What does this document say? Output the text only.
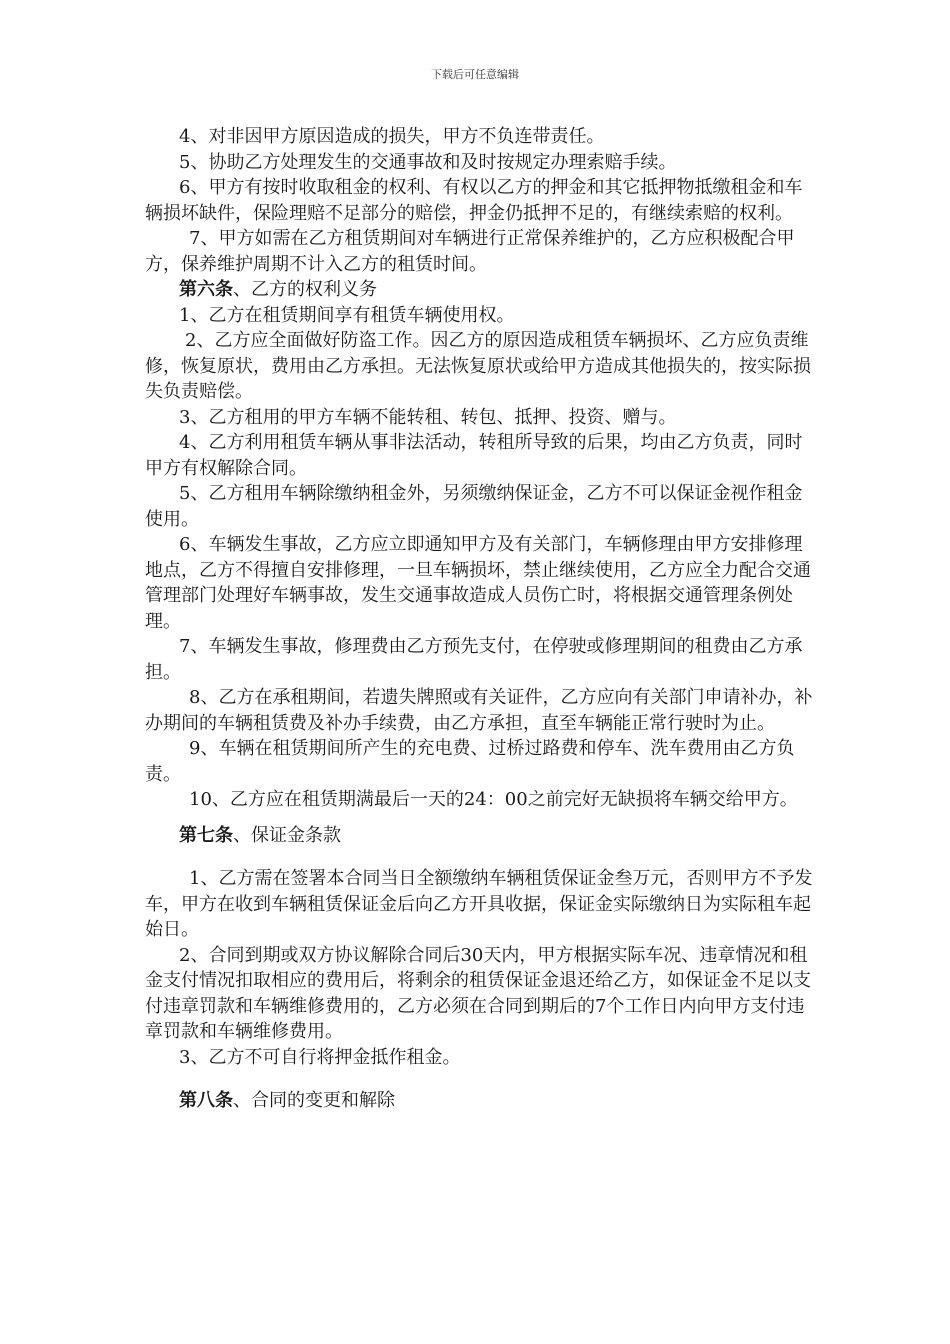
下载后可任意编辑

4、对非因甲方原因造成的损失，甲方不负连带责任。

5、协助乙方处理发生的交通事故和及时按规定办理索赔手续。

6、甲方有按时收取租金的权利、有权以乙方的押金和其它抵押物抵缴租金和车辆损坏缺件，保险理赔不足部分的赔偿，押金仍抵押不足的，有继续索赔的权利。

7、甲方如需在乙方租赁期间对车辆进行正常保养维护的，乙方应积极配合甲方，保养维护周期不计入乙方的租赁时间。

第六条、乙方的权利义务

1、乙方在租赁期间享有租赁车辆使用权。

2、乙方应全面做好防盗工作。因乙方的原因造成租赁车辆损坏、乙方应负责维修，恢复原状，费用由乙方承担。无法恢复原状或给甲方造成其他损失的，按实际损失负责赔偿。

3、乙方租用的甲方车辆不能转租、转包、抵押、投资、赠与。

4、乙方利用租赁车辆从事非法活动，转租所导致的后果，均由乙方负责，同时甲方有权解除合同。

5、乙方租用车辆除缴纳租金外，另须缴纳保证金，乙方不可以保证金视作租金使用。

6、车辆发生事故，乙方应立即通知甲方及有关部门，车辆修理由甲方安排修理地点，乙方不得擅自安排修理，一旦车辆损坏，禁止继续使用，乙方应全力配合交通管理部门处理好车辆事故，发生交通事故造成人员伤亡时，将根据交通管理条例处理。

7、车辆发生事故，修理费由乙方预先支付，在停驶或修理期间的租费由乙方承担。

8、乙方在承租期间，若遗失牌照或有关证件，乙方应向有关部门申请补办，补办期间的车辆租赁费及补办手续费，由乙方承担，直至车辆能正常行驶时为止。

9、车辆在租赁期间所产生的充电费、过桥过路费和停车、洗车费用由乙方负责。

10、乙方应在租赁期满最后一天的24：00之前完好无缺损将车辆交给甲方。

第七条、保证金条款

1、乙方需在签署本合同当日全额缴纳车辆租赁保证金叁万元，否则甲方不予发车，甲方在收到车辆租赁保证金后向乙方开具收据，保证金实际缴纳日为实际租车起始日。

2、合同到期或双方协议解除合同后30天内，甲方根据实际车况、违章情况和租金支付情况扣取相应的费用后，将剩余的租赁保证金退还给乙方，如保证金不足以支付违章罚款和车辆维修费用的，乙方必须在合同到期后的7个工作日内向甲方支付违章罚款和车辆维修费用。

3、乙方不可自行将押金抵作租金。

第八条、合同的变更和解除
